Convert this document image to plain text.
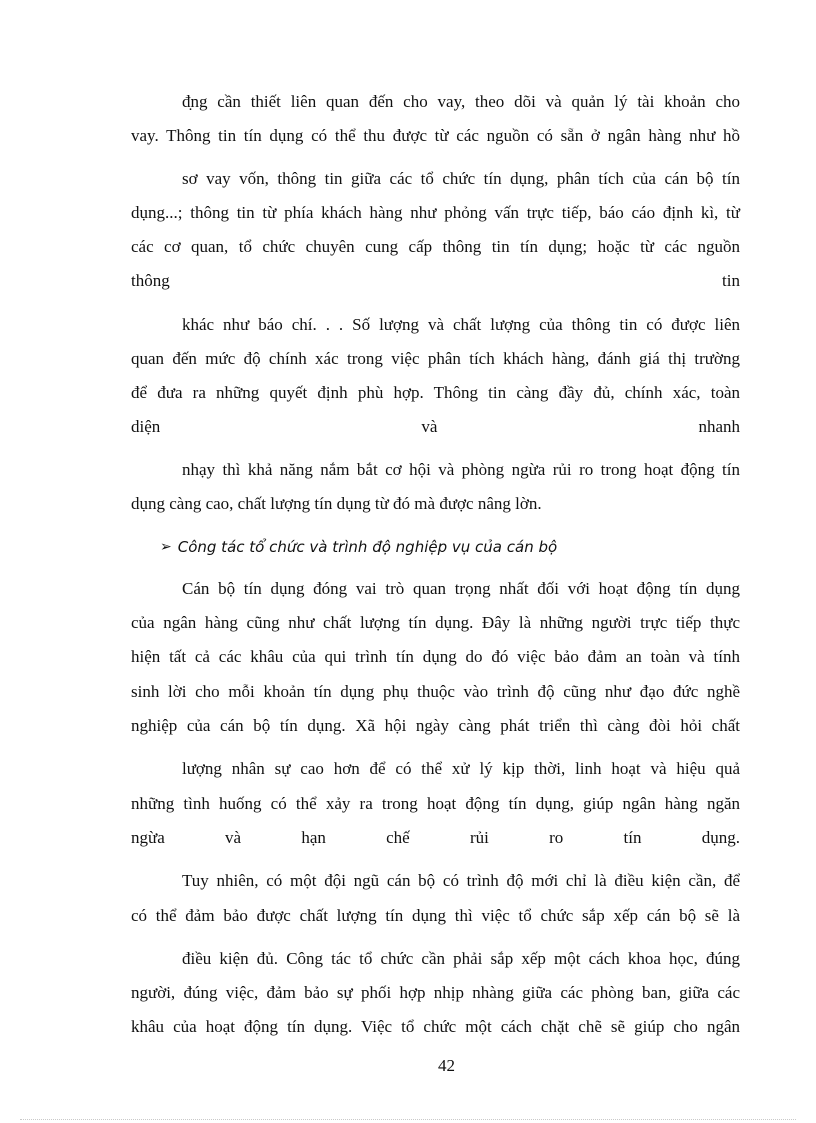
đ̣ng cần thiết liên quan đến cho vay, theo dõi và quản lý tài khoản cho
vay. Thông tin tín dụng có thể thu được từ các nguồn có sẵn ở ngân hàng như hồ
sơ vay vốn, thông tin giữa các tổ chức tín dụng, phân tích của cán bộ tín
dụng...; thông tin từ phía khách hàng như phỏng vấn trực tiếp, báo cáo định kì, từ
các cơ quan, tổ chức chuyên cung cấp thông tin tín dụng; hoặc từ các nguồn
thông	tin
khác như báo chí. . . Số lượng và chất lượng của thông tin có được liên
quan đến mức độ chính xác trong việc phân tích khách hàng, đánh giá thị trường
để đưa ra những quyết định phù hợp. Thông tin càng đầy đủ, chính xác, toàn
diện	và	nhanh
nhạy thì khả năng nắm bắt cơ hội và phòng ngừa rủi ro trong hoạt động tín
dụng càng cao, chất lượng tín dụng từ đó mà được nâng lờn.
➢ Công tác tổ chức và trình độ nghiệp vụ của cán bộ
Cán bộ tín dụng đóng vai trò quan trọng nhất đối với hoạt động tín dụng
của ngân hàng cũng như chất lượng tín dụng. Đây là những người trực tiếp thực
hiện tất cả các khâu của qui trình tín dụng do đó việc bảo đảm an toàn và tính
sinh lời cho mỗi khoản tín dụng phụ thuộc vào trình độ cũng như đạo đức nghề
nghiệp của cán bộ tín dụng. Xã hội ngày càng phát triển thì càng đòi hỏi chất
lượng nhân sự cao hơn để có thể xử lý kịp thời, linh hoạt và hiệu quả
những tình huống có thể xảy ra trong hoạt động tín dụng, giúp ngân hàng ngăn
ngừa	và	hạn	chế	rủi	ro	tín	dụng.
Tuy nhiên, có một đội ngũ cán bộ có trình độ mới chỉ là điều kiện cần, để
có thể đảm bảo được chất lượng tín dụng thì việc tổ chức sắp xếp cán bộ sẽ là
điều kiện đủ. Công tác tổ chức cần phải sắp xếp một cách khoa học, đúng
người, đúng việc, đảm bảo sự phối hợp nhịp nhàng giữa các phòng ban, giữa các
khâu của hoạt động tín dụng. Việc tổ chức một cách chặt chẽ sẽ giúp cho ngân
42
